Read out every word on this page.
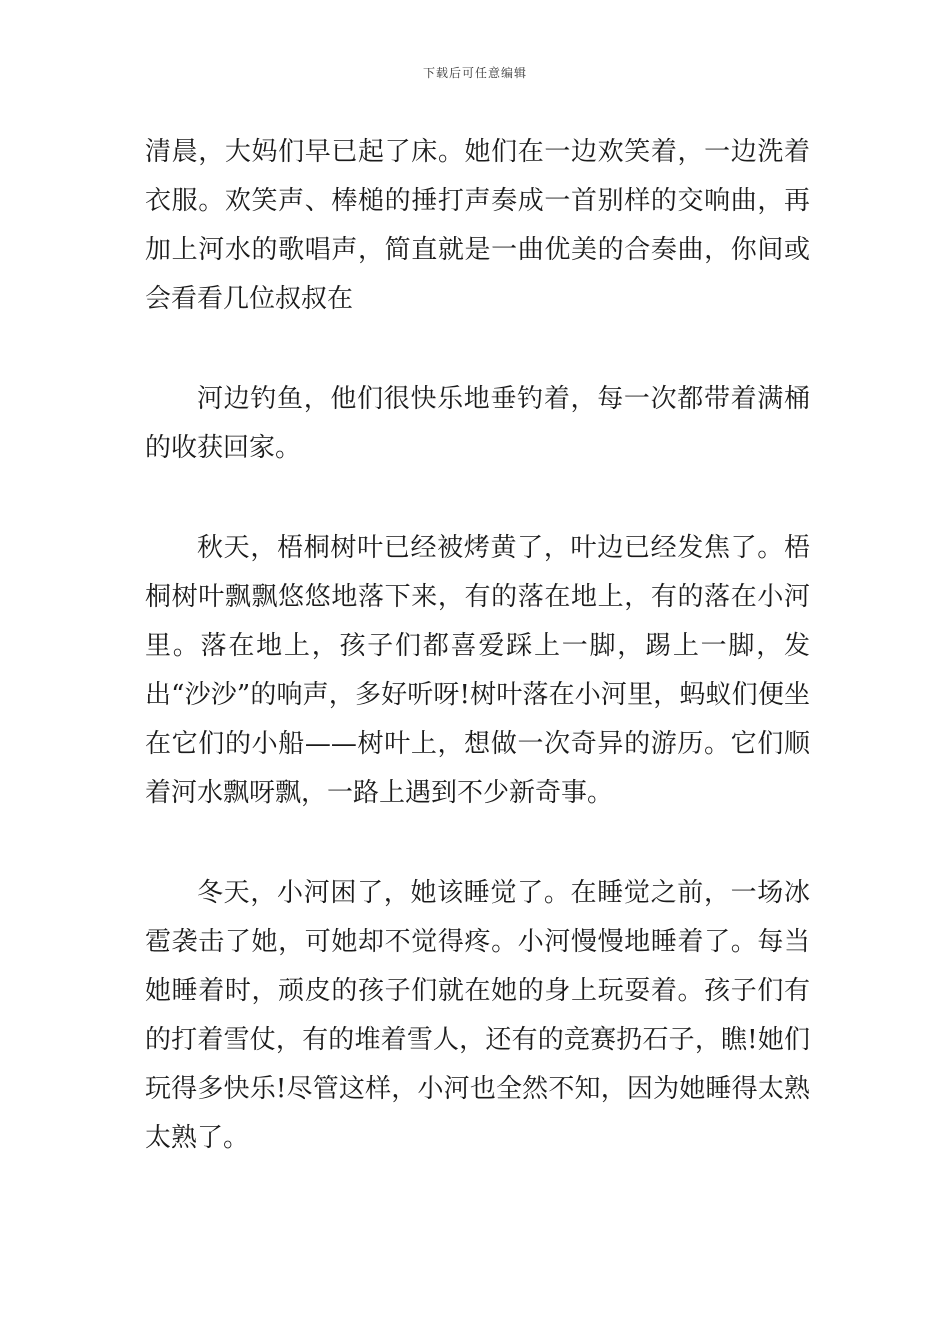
下载后可任意编辑

清晨，大妈们早已起了床。她们在一边欢笑着，一边洗着衣服。欢笑声、棒槌的捶打声奏成一首别样的交响曲，再加上河水的歌唱声，简直就是一曲优美的合奏曲，你间或会看看几位叔叔在

河边钓鱼，他们很快乐地垂钓着，每一次都带着满桶的收获回家。

秋天，梧桐树叶已经被烤黄了，叶边已经发焦了。梧桐树叶飘飘悠悠地落下来，有的落在地上，有的落在小河里。落在地上，孩子们都喜爱踩上一脚，踢上一脚，发出“沙沙”的响声，多好听呀!树叶落在小河里，蚂蚁们便坐在它们的小船——树叶上，想做一次奇异的游历。它们顺着河水飘呀飘，一路上遇到不少新奇事。

冬天，小河困了，她该睡觉了。在睡觉之前，一场冰雹袭击了她，可她却不觉得疼。小河慢慢地睡着了。每当她睡着时，顽皮的孩子们就在她的身上玩耍着。孩子们有的打着雪仗，有的堆着雪人，还有的竞赛扔石子，瞧!她们玩得多快乐!尽管这样，小河也全然不知，因为她睡得太熟太熟了。
